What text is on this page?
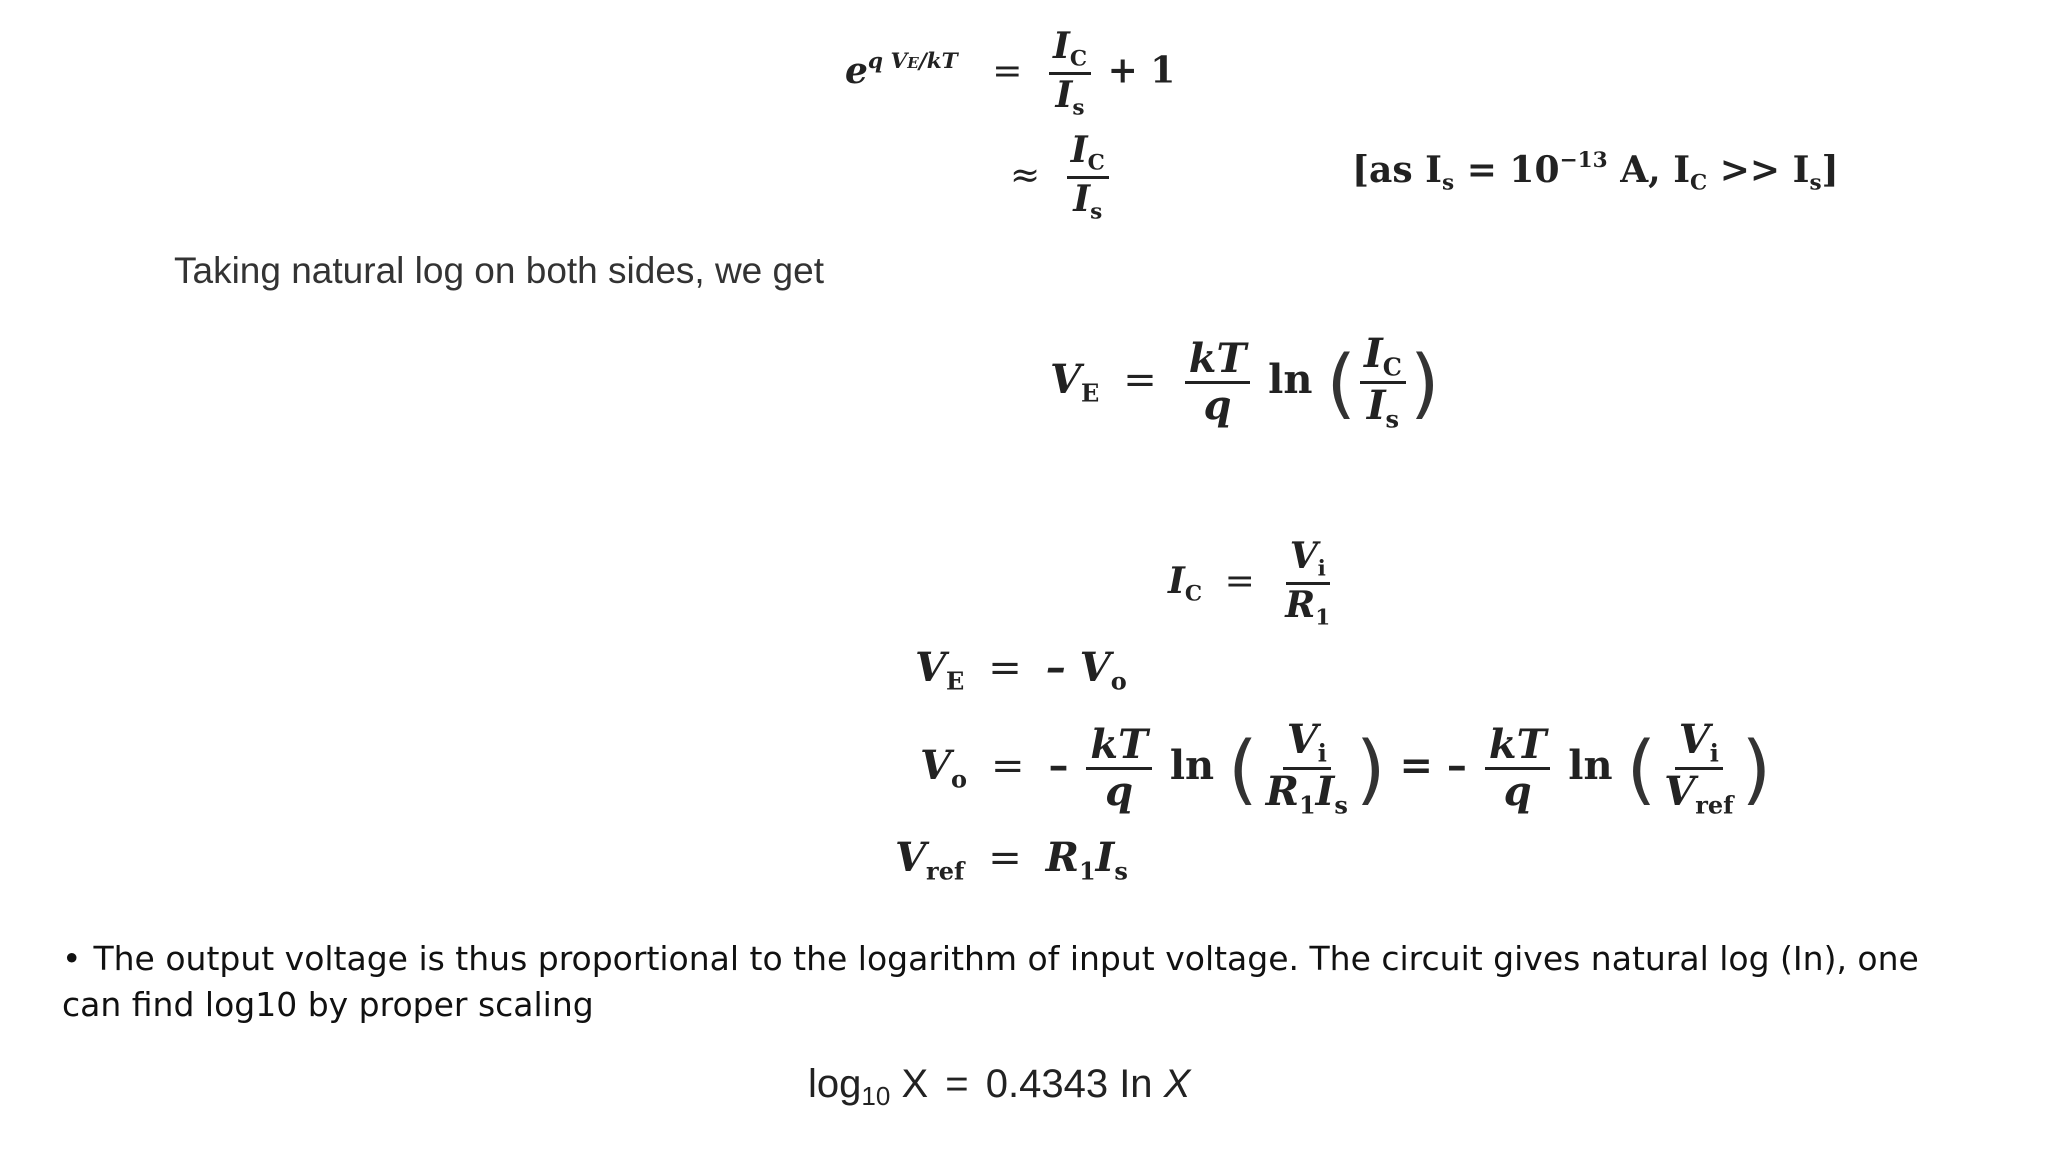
$e^{q VE/kT} = \frac{I_C}{I_s} + 1$
≈ $\frac{I_C}{I_s}$	[as $I_s = 10^{-13}$ A, $I_C >> I_s$]
Taking natural log on both sides, we get
$V_E = \frac{kT}{q}$ ln ( $\frac{I_C}{I_s}$ )
$I_C = \frac{V_i}{R_1}$
$V_E$ = – $V_o$
$V_o$ = – $\frac{kT}{q}$ ln ( $\frac{V_i}{R_1I_s}$ ) = – $\frac{kT}{q}$ ln ( $\frac{V_i}{V_{ref}}$ )
$V_{ref} = R_1I_s$
• The output voltage is thus proportional to the logarithm of input voltage. The circuit gives natural log (In), one can find log10 by proper scaling
log10 X = 0.4343 In X
